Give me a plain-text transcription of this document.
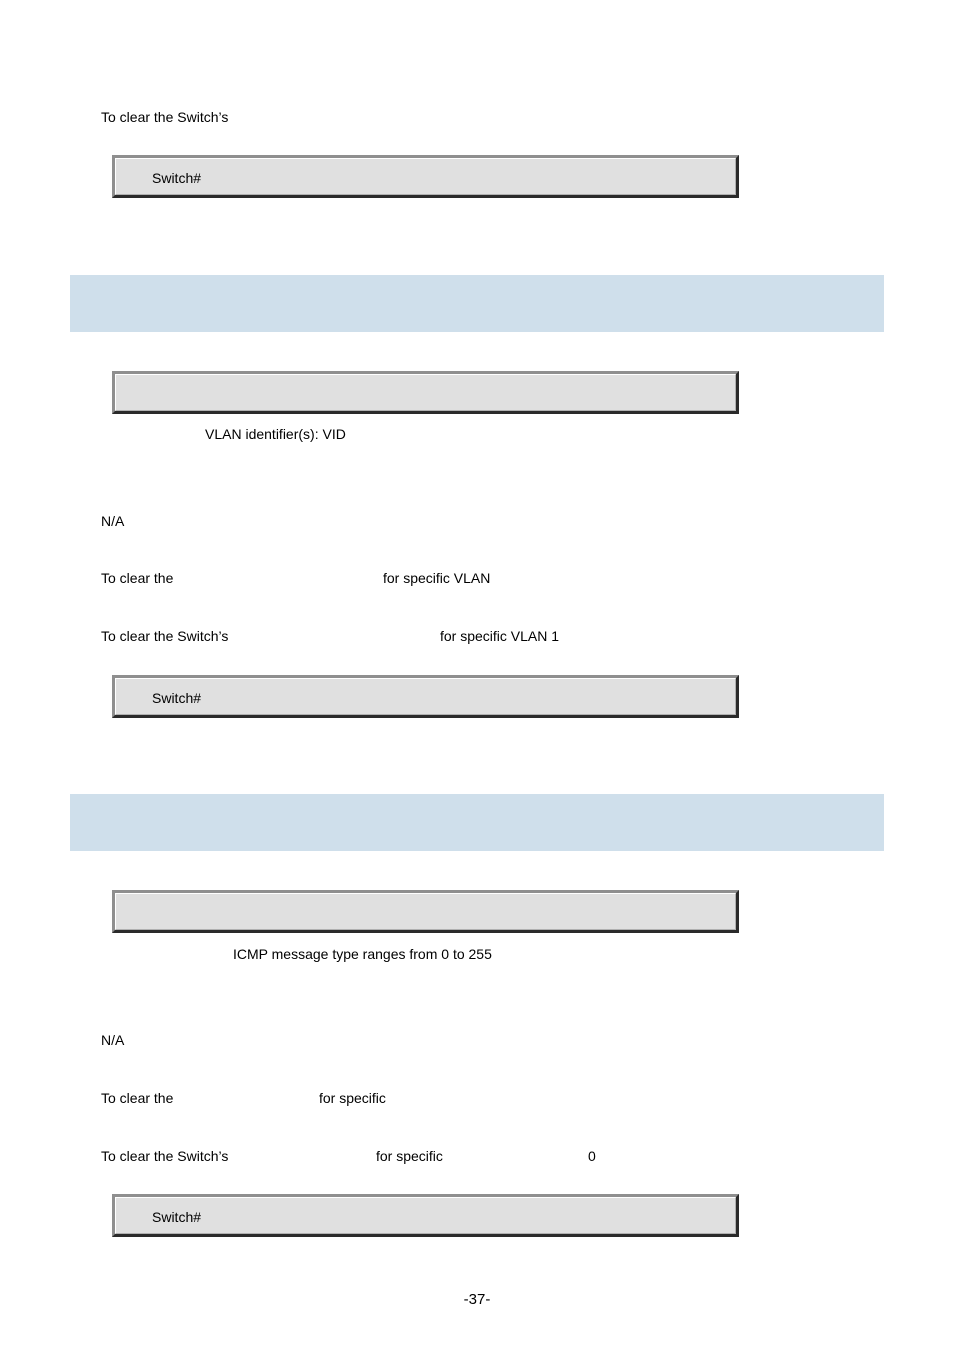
To clear the Switch’s
Switch#
VLAN identifier(s): VID
N/A
To clear the	for specific VLAN
To clear the Switch’s	for specific VLAN 1
Switch#
ICMP message type ranges from 0 to 255
N/A
To clear the	for specific
To clear the Switch’s	for specific	0
Switch#
-37-
